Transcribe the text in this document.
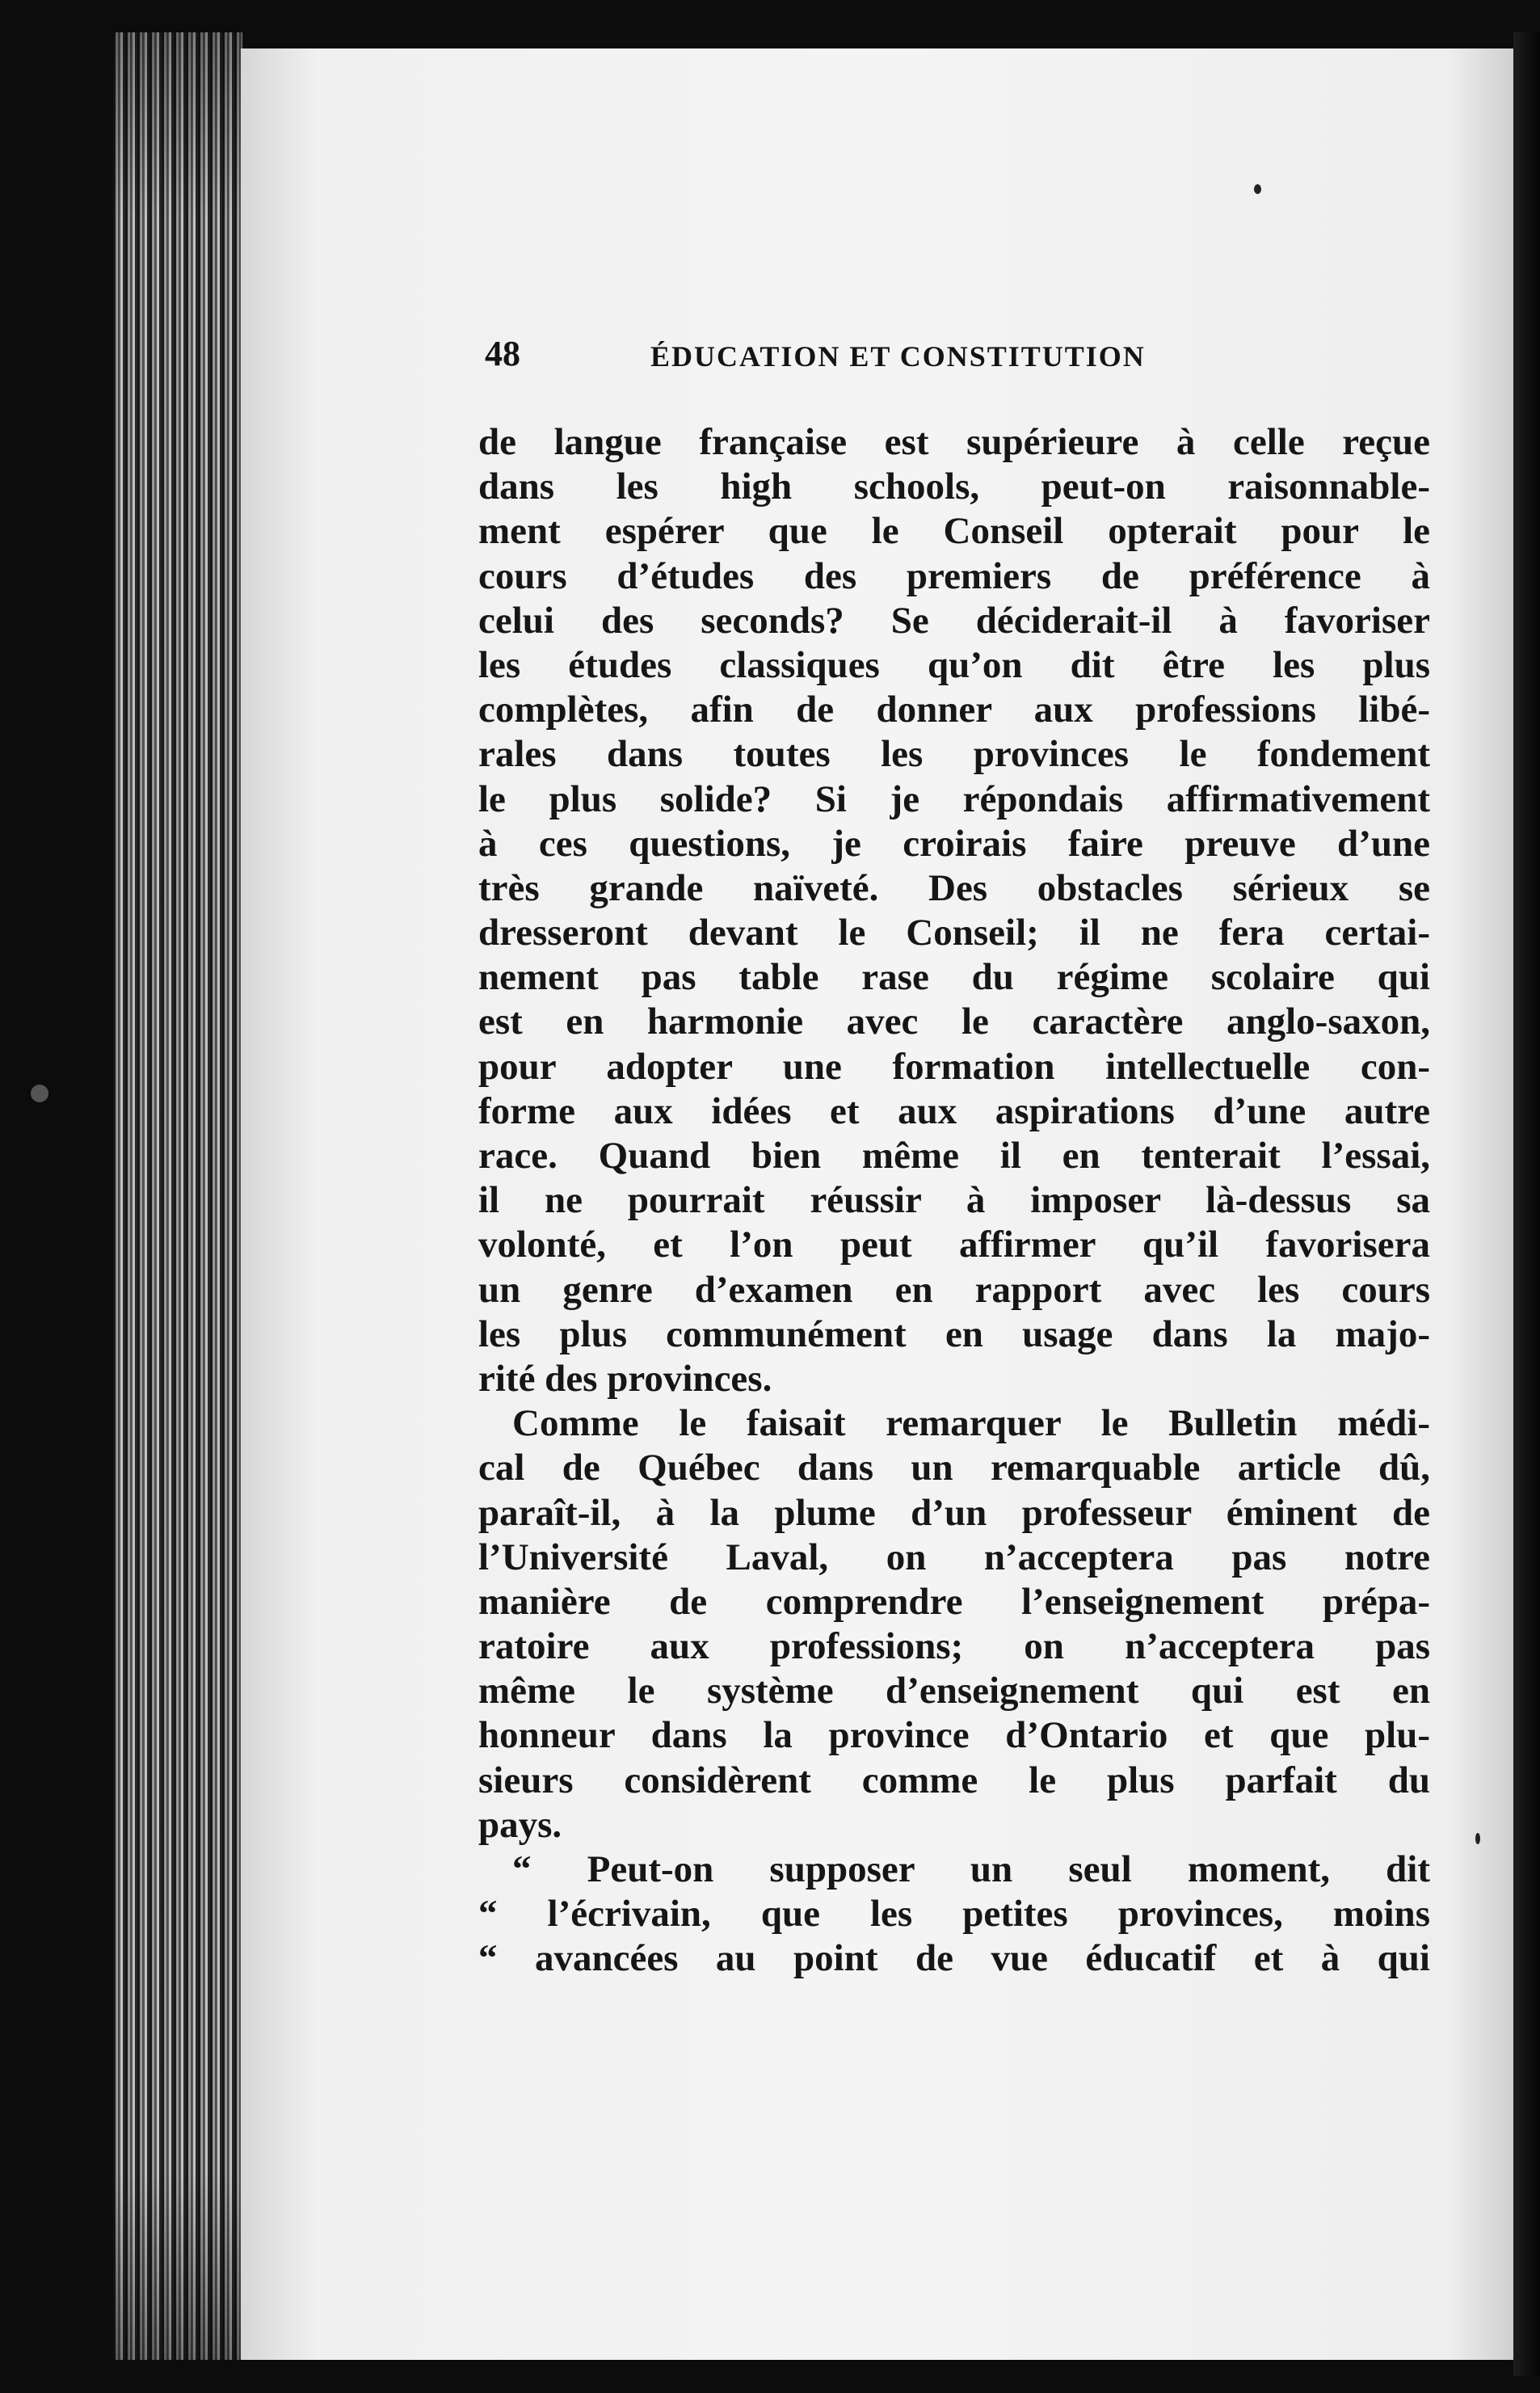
48	ÉDUCATION ET CONSTITUTION
de langue française est supérieure à celle reçue
dans les high schools, peut-on raisonnable-
ment espérer que le Conseil opterait pour le
cours d’études des premiers de préférence à
celui des seconds? Se déciderait-il à favoriser
les études classiques qu’on dit être les plus
complètes, afin de donner aux professions libé-
rales dans toutes les provinces le fondement
le plus solide? Si je répondais affirmativement
à ces questions, je croirais faire preuve d’une
très grande naïveté. Des obstacles sérieux se
dresseront devant le Conseil; il ne fera certai-
nement pas table rase du régime scolaire qui
est en harmonie avec le caractère anglo-saxon,
pour adopter une formation intellectuelle con-
forme aux idées et aux aspirations d’une autre
race. Quand bien même il en tenterait l’essai,
il ne pourrait réussir à imposer là-dessus sa
volonté, et l’on peut affirmer qu’il favorisera
un genre d’examen en rapport avec les cours
les plus communément en usage dans la majo-
rité des provinces.
Comme le faisait remarquer le Bulletin médi-
cal de Québec dans un remarquable article dû,
paraît-il, à la plume d’un professeur éminent de
l’Université Laval, on n’acceptera pas notre
manière de comprendre l’enseignement prépa-
ratoire aux professions; on n’acceptera pas
même le système d’enseignement qui est en
honneur dans la province d’Ontario et que plu-
sieurs considèrent comme le plus parfait du
pays.
“ Peut-on supposer un seul moment, dit
“ l’écrivain, que les petites provinces, moins
“ avancées au point de vue éducatif et à qui
